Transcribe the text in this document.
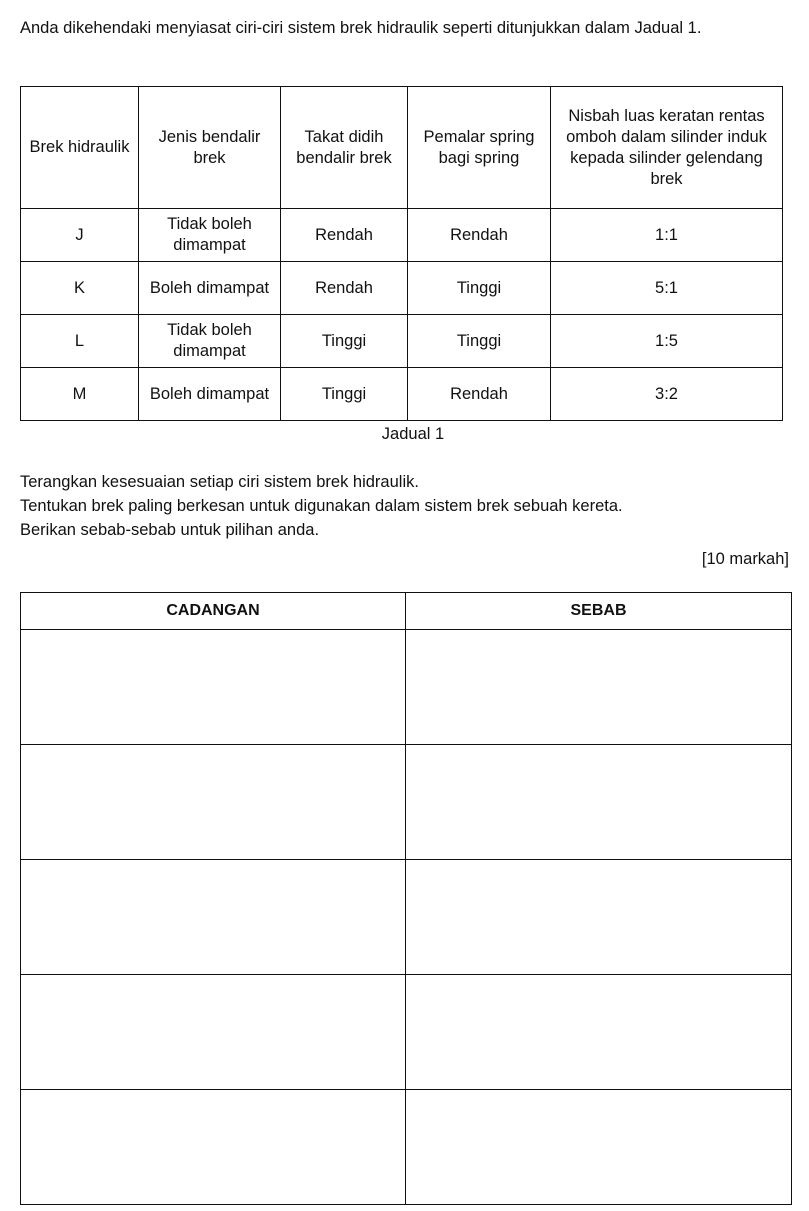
Anda dikehendaki menyiasat ciri-ciri sistem brek hidraulik seperti ditunjukkan dalam Jadual 1.

Brek hidraulik	Jenis bendalir brek	Takat didih bendalir brek	Pemalar spring bagi spring	Nisbah luas keratan rentas omboh dalam silinder induk kepada silinder gelendang brek
J	Tidak boleh dimampat	Rendah	Rendah	1:1
K	Boleh dimampat	Rendah	Tinggi	5:1
L	Tidak boleh dimampat	Tinggi	Tinggi	1:5
M	Boleh dimampat	Tinggi	Rendah	3:2
Jadual 1
Terangkan kesesuaian setiap ciri sistem brek hidraulik.
Tentukan brek paling berkesan untuk digunakan dalam sistem brek sebuah kereta.
Berikan sebab-sebab untuk pilihan anda.
[10 markah]
CADANGAN	SEBAB
